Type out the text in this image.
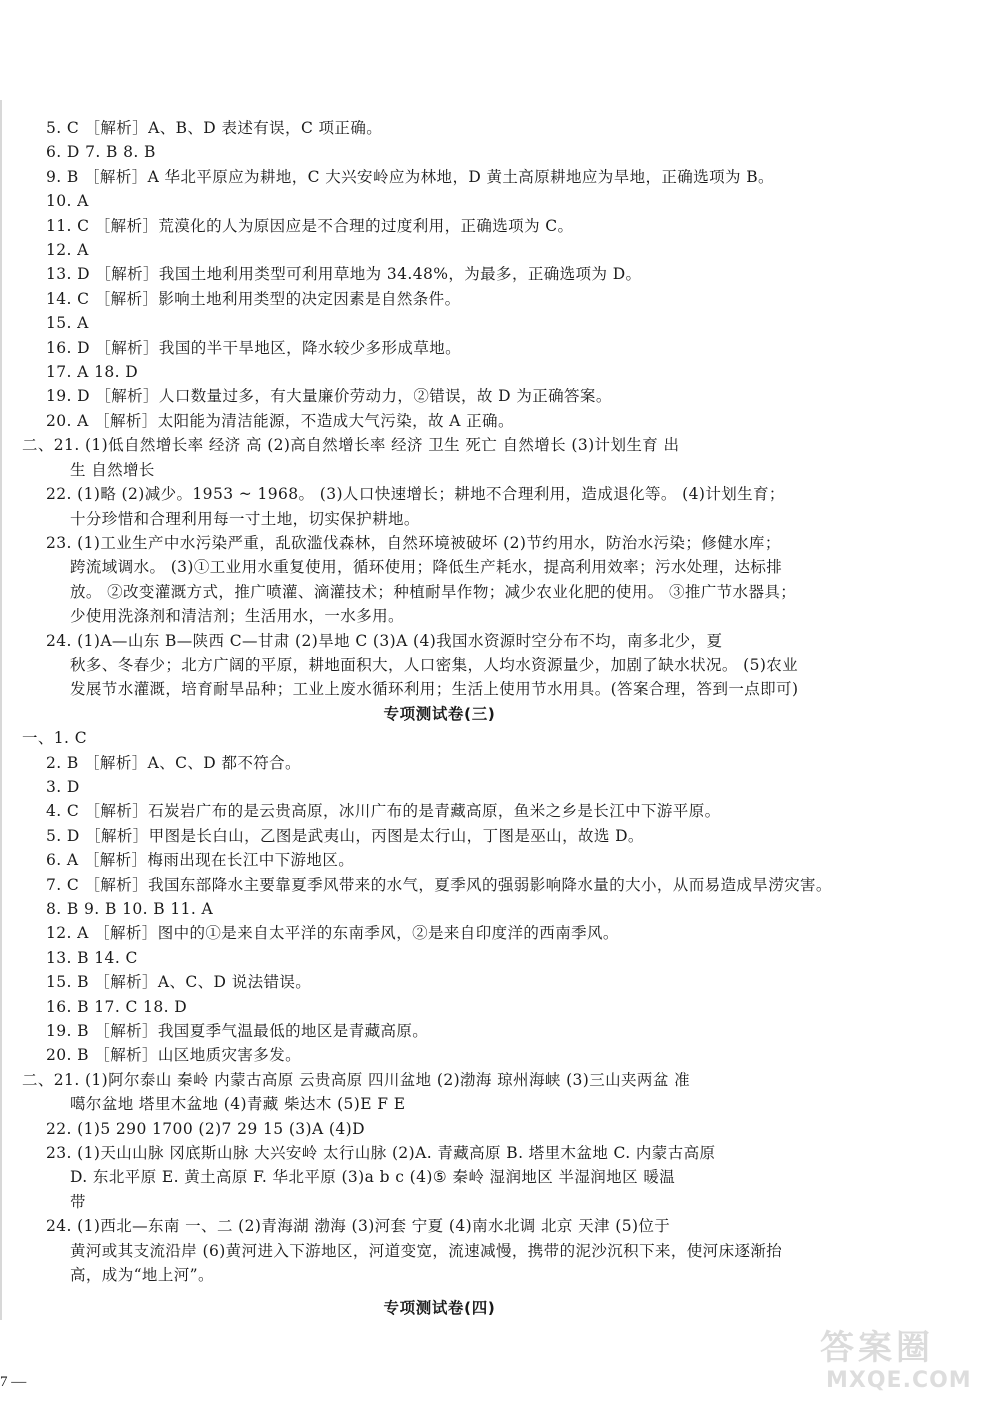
5. C ［解析］A、B、D 表述有误，C 项正确。
6. D 7. B 8. B
9. B ［解析］A 华北平原应为耕地，C 大兴安岭应为林地，D 黄土高原耕地应为旱地，正确选项为 B。
10. A
11. C ［解析］荒漠化的人为原因应是不合理的过度利用，正确选项为 C。
12. A
13. D ［解析］我国土地利用类型可利用草地为 34.48%，为最多，正确选项为 D。
14. C ［解析］影响土地利用类型的决定因素是自然条件。
15. A
16. D ［解析］我国的半干旱地区，降水较少多形成草地。
17. A 18. D
19. D ［解析］人口数量过多，有大量廉价劳动力，②错误，故 D 为正确答案。
20. A ［解析］太阳能为清洁能源，不造成大气污染，故 A 正确。
二、21. (1)低自然增长率 经济 高 (2)高自然增长率 经济 卫生 死亡 自然增长 (3)计划生育 出
生 自然增长
22. (1)略 (2)减少。1953 ~ 1968。 (3)人口快速增长；耕地不合理利用，造成退化等。 (4)计划生育；
十分珍惜和合理利用每一寸土地，切实保护耕地。
23. (1)工业生产中水污染严重，乱砍滥伐森林，自然环境被破坏 (2)节约用水，防治水污染；修健水库；
跨流域调水。 (3)①工业用水重复使用，循环使用；降低生产耗水，提高利用效率；污水处理，达标排
放。 ②改变灌溉方式，推广喷灌、滴灌技术；种植耐旱作物；减少农业化肥的使用。 ③推广节水器具；
少使用洗涤剂和清洁剂；生活用水，一水多用。
24. (1)A—山东 B—陕西 C—甘肃 (2)旱地 C (3)A (4)我国水资源时空分布不均，南多北少，夏
秋多、冬春少；北方广阔的平原，耕地面积大，人口密集，人均水资源量少，加剧了缺水状况。 (5)农业
发展节水灌溉，培育耐旱品种；工业上废水循环利用；生活上使用节水用具。(答案合理，答到一点即可)
专项测试卷(三)
一、1. C
2. B ［解析］A、C、D 都不符合。
3. D
4. C ［解析］石炭岩广布的是云贵高原，冰川广布的是青藏高原，鱼米之乡是长江中下游平原。
5. D ［解析］甲图是长白山，乙图是武夷山，丙图是太行山，丁图是巫山，故选 D。
6. A ［解析］梅雨出现在长江中下游地区。
7. C ［解析］我国东部降水主要靠夏季风带来的水气，夏季风的强弱影响降水量的大小，从而易造成旱涝灾害。
8. B 9. B 10. B 11. A
12. A ［解析］图中的①是来自太平洋的东南季风，②是来自印度洋的西南季风。
13. B 14. C
15. B ［解析］A、C、D 说法错误。
16. B 17. C 18. D
19. B ［解析］我国夏季气温最低的地区是青藏高原。
20. B ［解析］山区地质灾害多发。
二、21. (1)阿尔泰山 秦岭 内蒙古高原 云贵高原 四川盆地 (2)渤海 琼州海峡 (3)三山夹两盆 准
噶尔盆地 塔里木盆地 (4)青藏 柴达木 (5)E F E
22. (1)5 290 1700 (2)7 29 15 (3)A (4)D
23. (1)天山山脉 冈底斯山脉 大兴安岭 太行山脉 (2)A. 青藏高原 B. 塔里木盆地 C. 内蒙古高原
D. 东北平原 E. 黄土高原 F. 华北平原 (3)a b c (4)⑤ 秦岭 湿润地区 半湿润地区 暖温
带
24. (1)西北—东南 一、二 (2)青海湖 渤海 (3)河套 宁夏 (4)南水北调 北京 天津 (5)位于
黄河或其支流沿岸 (6)黄河进入下游地区，河道变宽，流速减慢，携带的泥沙沉积下来，使河床逐渐抬
高，成为“地上河”。
专项测试卷(四)
7 —
答案圈
MXQE.COM
